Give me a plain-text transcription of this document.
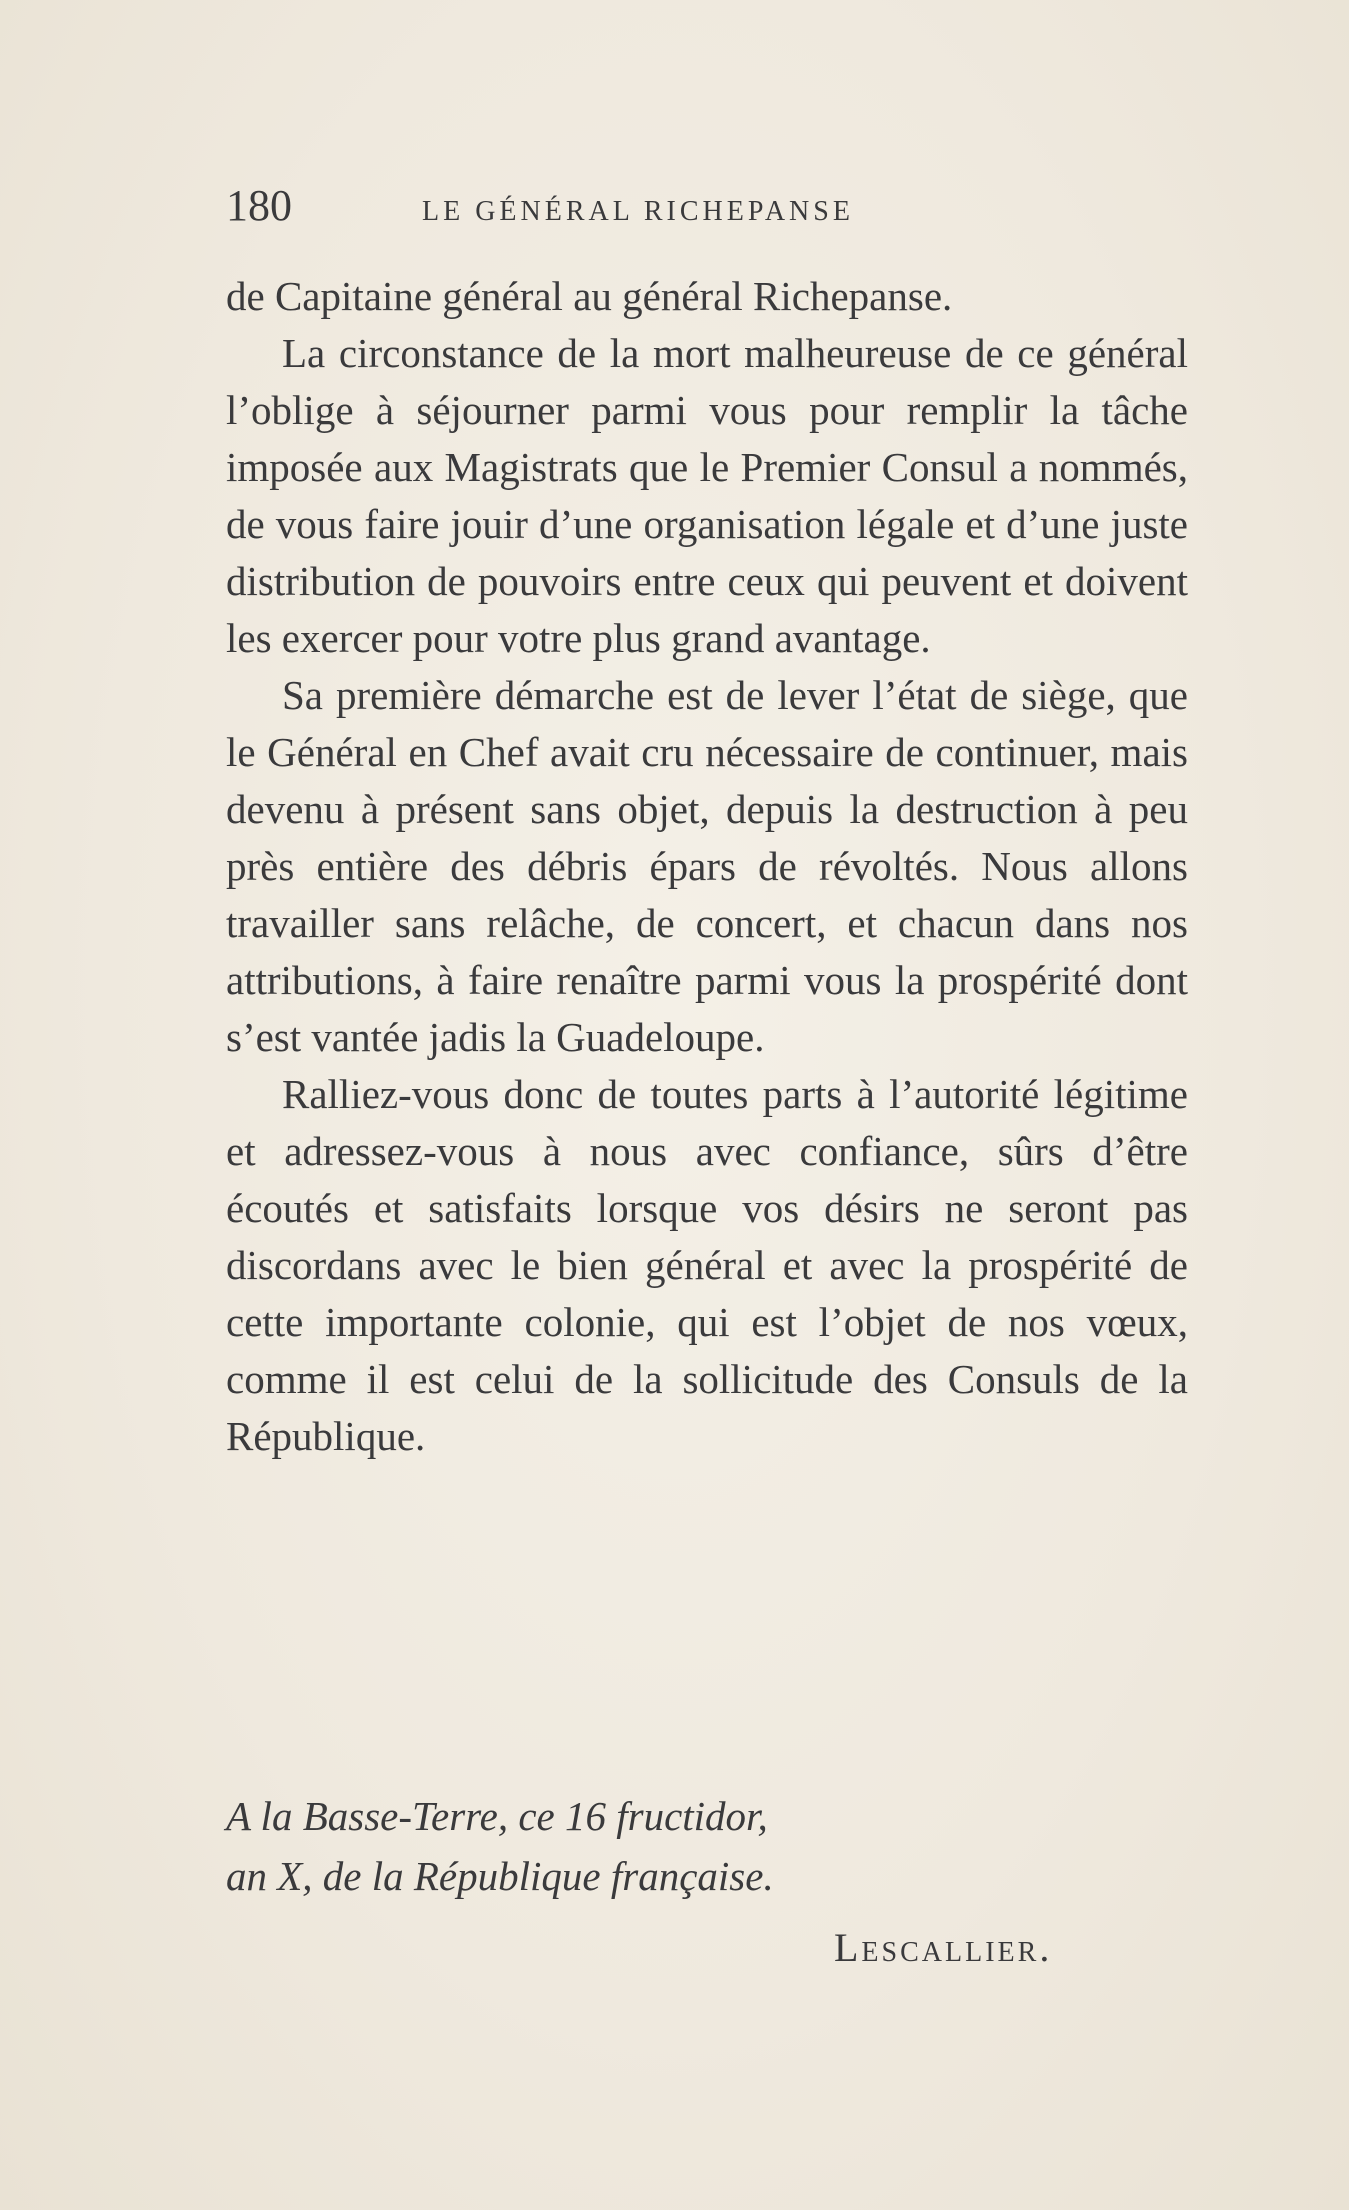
180	LE GÉNÉRAL RICHEPANSE

de Capitaine général au général Richepanse.

La circonstance de la mort malheureuse de ce général l’oblige à séjourner parmi vous pour remplir la tâche imposée aux Magistrats que le Premier Consul a nommés, de vous faire jouir d’une organisation légale et d’une juste distribution de pouvoirs entre ceux qui peuvent et doivent les exercer pour votre plus grand avantage.

Sa première démarche est de lever l’état de siège, que le Général en Chef avait cru nécessaire de continuer, mais devenu à présent sans objet, depuis la destruction à peu près entière des débris épars de révoltés. Nous allons travailler sans relâche, de concert, et chacun dans nos attributions, à faire renaître parmi vous la prospérité dont s’est vantée jadis la Guadeloupe.

Ralliez-vous donc de toutes parts à l’autorité légitime et adressez-vous à nous avec confiance, sûrs d’être écoutés et satisfaits lorsque vos désirs ne seront pas discordans avec le bien général et avec la prospérité de cette importante colonie, qui est l’objet de nos vœux, comme il est celui de la sollicitude des Consuls de la République.

A la Basse-Terre, ce 16 fructidor,

an X, de la République française.

Lescallier.
